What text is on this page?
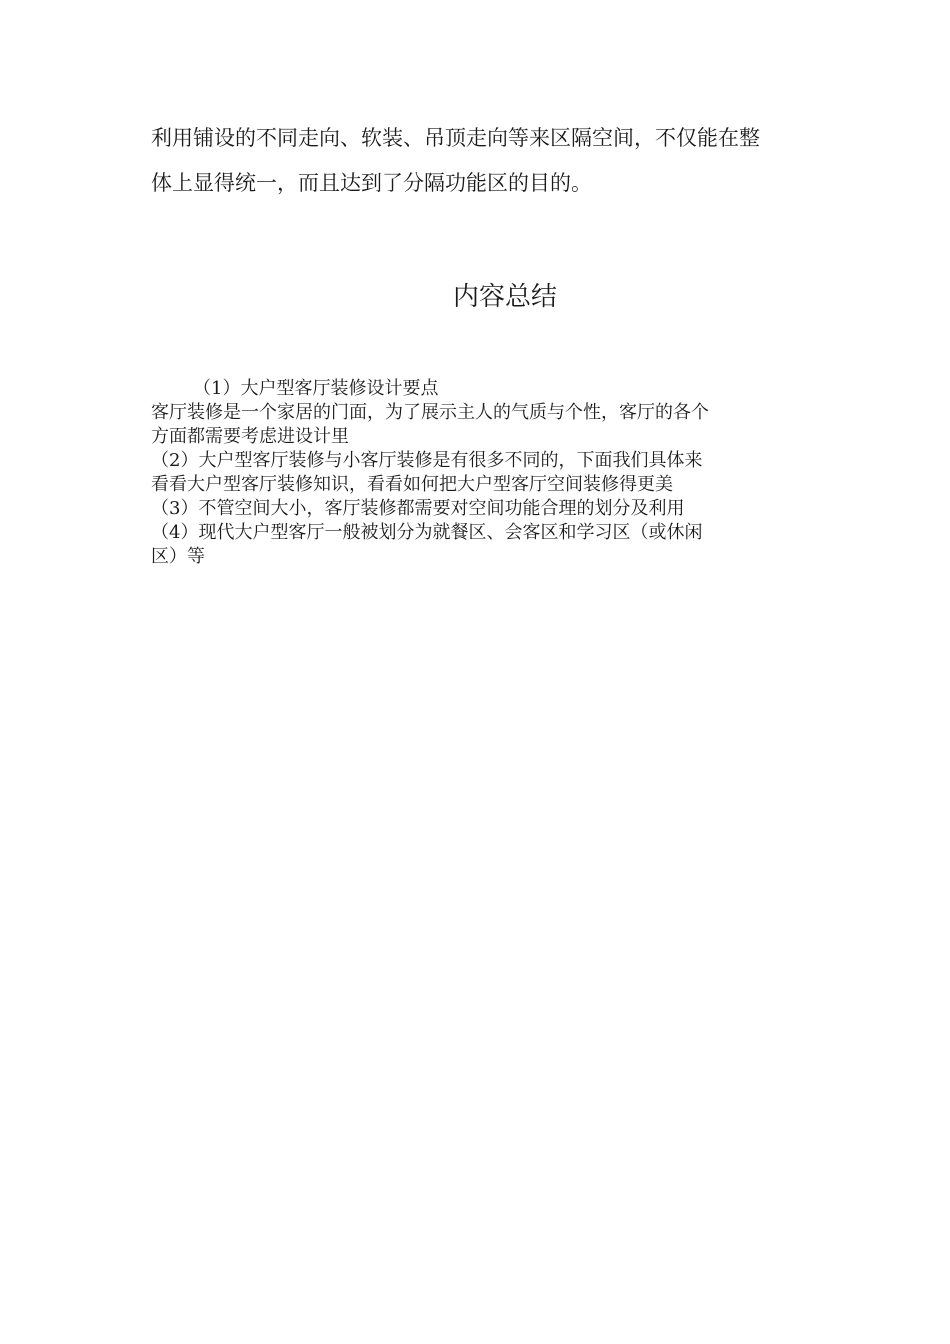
利用铺设的不同走向、软装、吊顶走向等来区隔空间，不仅能在整
体上显得统一，而且达到了分隔功能区的目的。
内容总结
（1）大户型客厅装修设计要点
客厅装修是一个家居的门面，为了展示主人的气质与个性，客厅的各个
方面都需要考虑进设计里
（2）大户型客厅装修与小客厅装修是有很多不同的，下面我们具体来
看看大户型客厅装修知识，看看如何把大户型客厅空间装修得更美
（3）不管空间大小，客厅装修都需要对空间功能合理的划分及利用
（4）现代大户型客厅一般被划分为就餐区、会客区和学习区（或休闲
区）等
